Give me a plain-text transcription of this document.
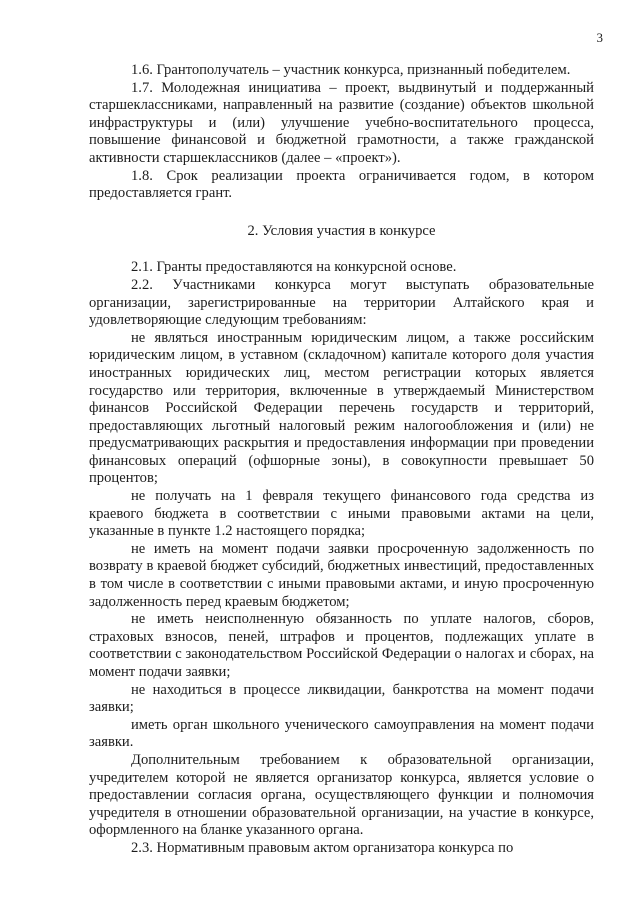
3

1.6. Грантополучатель – участник конкурса, признанный победителем.

1.7. Молодежная инициатива – проект, выдвинутый и поддержанный старшеклассниками, направленный на развитие (создание) объектов школьной инфраструктуры и (или) улучшение учебно-воспитательного процесса, повышение финансовой и бюджетной грамотности, а также гражданской активности старшеклассников (далее – «проект»).

1.8. Срок реализации проекта ограничивается годом, в котором предоставляется грант.

2. Условия участия в конкурсе

2.1. Гранты предоставляются на конкурсной основе.

2.2. Участниками конкурса могут выступать образовательные организации, зарегистрированные на территории Алтайского края и удовлетворяющие следующим требованиям:

не являться иностранным юридическим лицом, а также российским юридическим лицом, в уставном (складочном) капитале которого доля участия иностранных юридических лиц, местом регистрации которых является государство или территория, включенные в утверждаемый Министерством финансов Российской Федерации перечень государств и территорий, предоставляющих льготный налоговый режим налогообложения и (или) не предусматривающих раскрытия и предоставления информации при проведении финансовых операций (офшорные зоны), в совокупности превышает 50 процентов;

не получать на 1 февраля текущего финансового года средства из краевого бюджета в соответствии с иными правовыми актами на цели, указанные в пункте 1.2 настоящего порядка;

не иметь на момент подачи заявки просроченную задолженность по возврату в краевой бюджет субсидий, бюджетных инвестиций, предоставленных в том числе в соответствии с иными правовыми актами, и иную просроченную задолженность перед краевым бюджетом;

не иметь неисполненную обязанность по уплате налогов, сборов, страховых взносов, пеней, штрафов и процентов, подлежащих уплате в соответствии с законодательством Российской Федерации о налогах и сборах, на момент подачи заявки;

не находиться в процессе ликвидации, банкротства на момент подачи заявки;

иметь орган школьного ученического самоуправления на момент подачи заявки.

Дополнительным требованием к образовательной организации, учредителем которой не является организатор конкурса, является условие о предоставлении согласия органа, осуществляющего функции и полномочия учредителя в отношении образовательной организации, на участие в конкурсе, оформленного на бланке указанного органа.

2.3. Нормативным правовым актом организатора конкурса по
